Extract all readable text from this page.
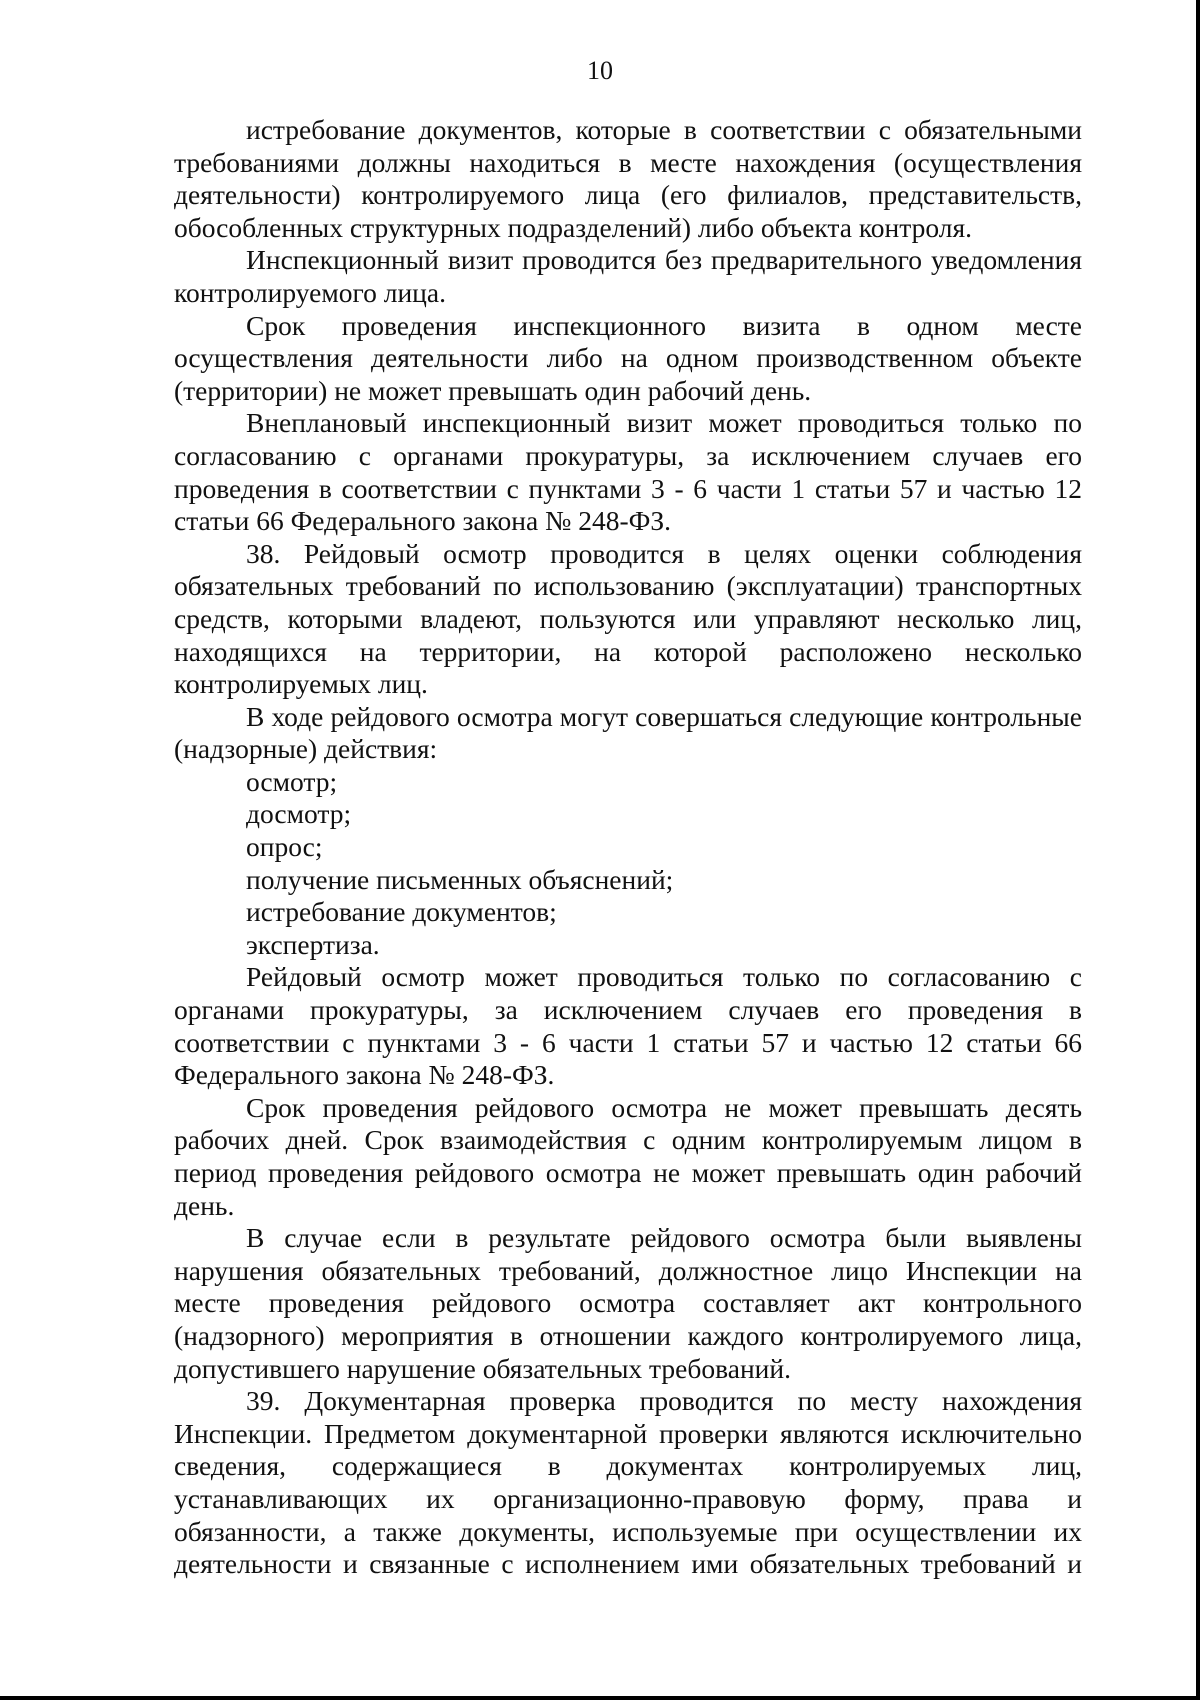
10

истребование документов, которые в соответствии с обязательными требованиями должны находиться в месте нахождения (осуществления деятельности) контролируемого лица (его филиалов, представительств, обособленных структурных подразделений) либо объекта контроля.

Инспекционный визит проводится без предварительного уведомления контролируемого лица.

Срок проведения инспекционного визита в одном месте осуществления деятельности либо на одном производственном объекте (территории) не может превышать один рабочий день.

Внеплановый инспекционный визит может проводиться только по согласованию с органами прокуратуры, за исключением случаев его проведения в соответствии с пунктами 3 - 6 части 1 статьи 57 и частью 12 статьи 66 Федерального закона № 248-ФЗ.

38. Рейдовый осмотр проводится в целях оценки соблюдения обязательных требований по использованию (эксплуатации) транспортных средств, которыми владеют, пользуются или управляют несколько лиц, находящихся на территории, на которой расположено несколько контролируемых лиц.

В ходе рейдового осмотра могут совершаться следующие контрольные (надзорные) действия:

осмотр;

досмотр;

опрос;

получение письменных объяснений;

истребование документов;

экспертиза.

Рейдовый осмотр может проводиться только по согласованию с органами прокуратуры, за исключением случаев его проведения в соответствии с пунктами 3 - 6 части 1 статьи 57 и частью 12 статьи 66 Федерального закона № 248-ФЗ.

Срок проведения рейдового осмотра не может превышать десять рабочих дней. Срок взаимодействия с одним контролируемым лицом в период проведения рейдового осмотра не может превышать один рабочий день.

В случае если в результате рейдового осмотра были выявлены нарушения обязательных требований, должностное лицо Инспекции на месте проведения рейдового осмотра составляет акт контрольного (надзорного) мероприятия в отношении каждого контролируемого лица, допустившего нарушение обязательных требований.

39. Документарная проверка проводится по месту нахождения Инспекции. Предметом документарной проверки являются исключительно сведения, содержащиеся в документах контролируемых лиц, устанавливающих их организационно-правовую форму, права и обязанности, а также документы, используемые при осуществлении их деятельности и связанные с исполнением ими обязательных требований и
